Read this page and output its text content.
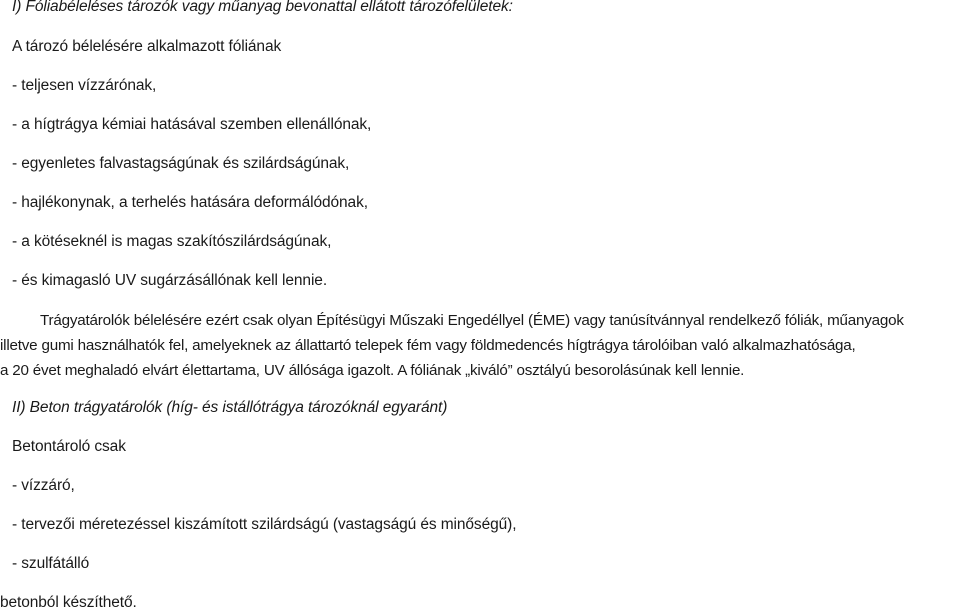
I) Fóliabéleléses tározók vagy műanyag bevonattal ellátott tározófelületek:
A tározó bélelésére alkalmazott fóliának
- teljesen vízzárónak,
- a hígtrágya kémiai hatásával szemben ellenállónak,
- egyenletes falvastagságúnak és szilárdságúnak,
- hajlékonynak, a terhelés hatására deformálódónak,
- a kötéseknél is magas szakítószilárdságúnak,
- és kimagasló UV sugárzásállónak kell lennie.
Trágyatárolók bélelésére ezért csak olyan Építésügyi Műszaki Engedéllyel (ÉME) vagy tanúsítvánnyal rendelkező fóliák, műanyagok
illetve gumi használhatók fel, amelyeknek az állattartó telepek fém vagy földmedencés hígtrágya tárolóiban való alkalmazhatósága,
a 20 évet meghaladó elvárt élettartama, UV állósága igazolt. A fóliának „kiváló” osztályú besorolásúnak kell lennie.
II) Beton trágyatárolók (híg- és istállótrágya tározóknál egyaránt)
Betontároló csak
- vízzáró,
- tervezői méretezéssel kiszámított szilárdságú (vastagságú és minőségű),
- szulfátálló
betonból készíthető.
